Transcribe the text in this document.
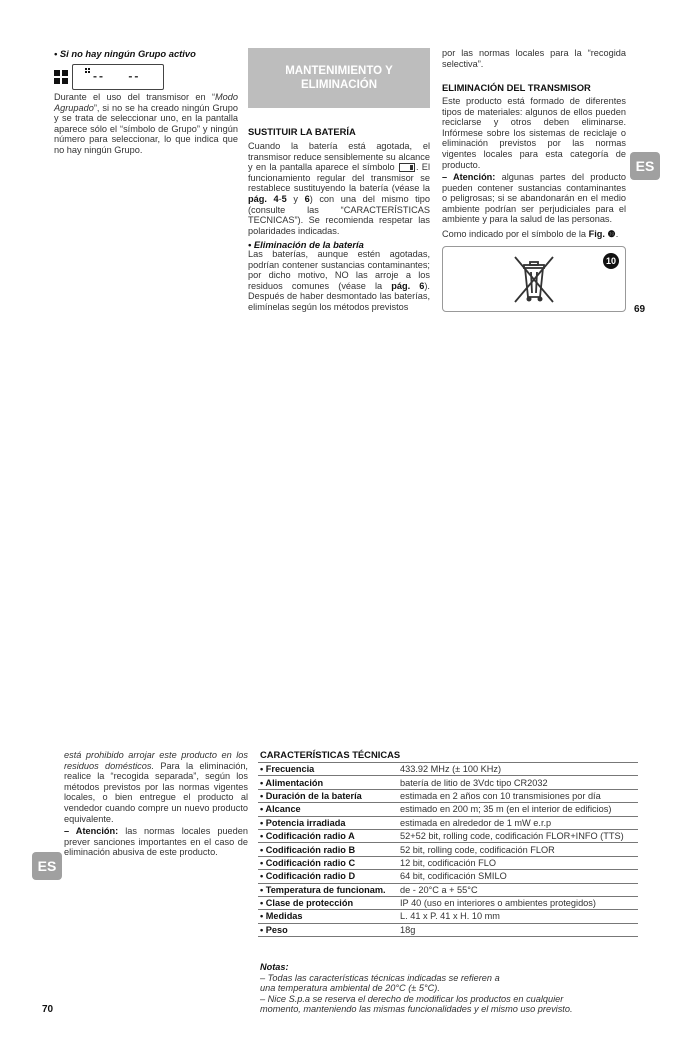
• Si no hay ningún Grupo activo

-- --

Durante el uso del transmisor en “Modo Agrupado”, si no se ha creado ningún Grupo y se trata de seleccionar uno, en la pantalla aparece sólo el “símbolo de Grupo” y ningún número para seleccionar, lo que indica que no hay ningún Grupo.

MANTENIMIENTO Y ELIMINACIÓN

SUSTITUIR LA BATERÍA

Cuando la batería está agotada, el transmisor reduce sensiblemente su alcance y en la pantalla aparece el símbolo . El funcionamiento regular del transmisor se restablece sustituyendo la batería (véase la pág. 4-5 y 6) con una del mismo tipo (consulte las “CARACTERÍSTICAS TECNICAS”). Se recomienda respetar las polaridades indicadas.

• Eliminación de la batería

Las baterías, aunque estén agotadas, podrían contener sustancias contaminantes; por dicho motivo, NO las arroje a los residuos comunes (véase la pág. 6). Después de haber desmontado las baterías, elimínelas según los métodos previstos

por las normas locales para la “recogida selectiva”.

ELIMINACIÓN DEL TRANSMISOR

Este producto está formado de diferentes tipos de materiales: algunos de ellos pueden reciclarse y otros deben eliminarse. Infórmese sobre los sistemas de reciclaje o eliminación previstos por las normas vigentes locales para esta categoría de producto.

– Atención: algunas partes del producto pueden contener sustancias contaminantes o peligrosas; si se abandonarán en el medio ambiente podrían ser perjudiciales para el ambiente y para la salud de las personas.

Como indicado por el símbolo de la Fig. ❿.

10
ES
69

está prohibido arrojar este producto en los residuos domésticos. Para la eliminación, realice la “recogida separada”, según los métodos previstos por las normas vigentes locales, o bien entregue el producto al vendedor cuando compre un nuevo producto equivalente.

– Atención: las normas locales pueden prever sanciones importantes en el caso de eliminación abusiva de este producto.

ES

CARACTERÍSTICAS TÉCNICAS

• Frecuencia	433.92 MHz (± 100 KHz)
• Alimentación	batería de litio de 3Vdc tipo CR2032
• Duración de la batería	estimada en 2 años con 10 transmisiones por día
• Alcance	estimado en 200 m; 35 m (en el interior de edificios)
• Potencia irradiada	estimada en alrededor de 1 mW e.r.p
• Codificación radio A	52+52 bit, rolling code, codificación FLOR+INFO (TTS)
• Codificación radio B	52 bit, rolling code, codificación FLOR
• Codificación radio C	12 bit, codificación FLO
• Codificación radio D	64 bit, codificación SMILO
• Temperatura de funcionam.	de - 20°C a + 55°C
• Clase de protección	IP 40 (uso en interiores o ambientes protegidos)
• Medidas	L. 41 x P. 41 x H. 10 mm
• Peso	18g
Notas:
– Todas las características técnicas indicadas se refieren a
una temperatura ambiental de 20°C (± 5°C).
– Nice S.p.a se reserva el derecho de modificar los productos en cualquier
momento, manteniendo las mismas funcionalidades y el mismo uso previsto.
70
